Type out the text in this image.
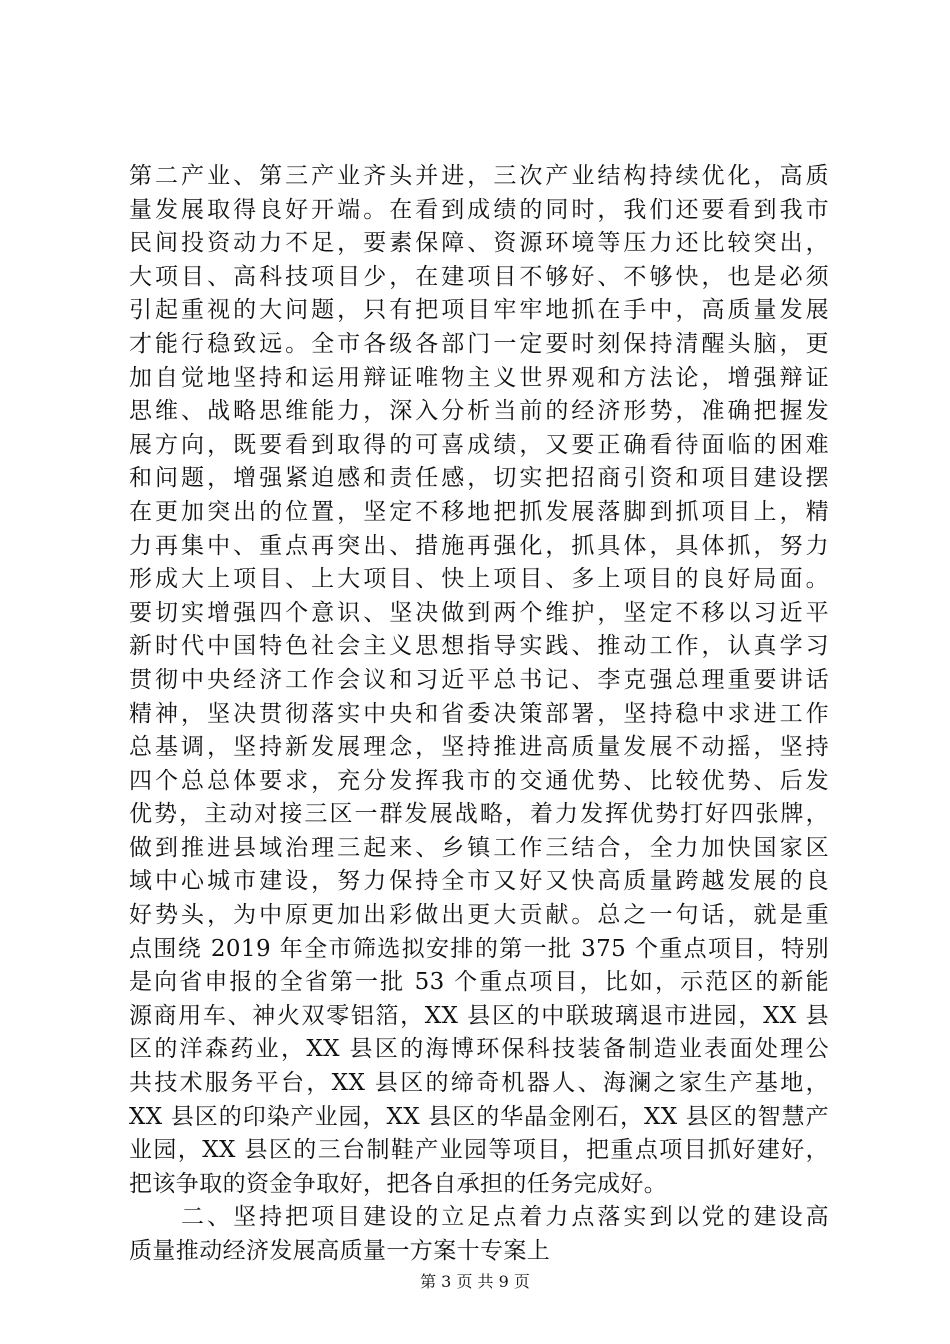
第二产业、第三产业齐头并进，三次产业结构持续优化，高质
量发展取得良好开端。在看到成绩的同时，我们还要看到我市
民间投资动力不足，要素保障、资源环境等压力还比较突出，
大项目、高科技项目少，在建项目不够好、不够快，也是必须
引起重视的大问题，只有把项目牢牢地抓在手中，高质量发展
才能行稳致远。全市各级各部门一定要时刻保持清醒头脑，更
加自觉地坚持和运用辩证唯物主义世界观和方法论，增强辩证
思维、战略思维能力，深入分析当前的经济形势，准确把握发
展方向，既要看到取得的可喜成绩，又要正确看待面临的困难
和问题，增强紧迫感和责任感，切实把招商引资和项目建设摆
在更加突出的位置，坚定不移地把抓发展落脚到抓项目上，精
力再集中、重点再突出、措施再强化，抓具体，具体抓，努力
形成大上项目、上大项目、快上项目、多上项目的良好局面。
要切实增强四个意识、坚决做到两个维护，坚定不移以习近平
新时代中国特色社会主义思想指导实践、推动工作，认真学习
贯彻中央经济工作会议和习近平总书记、李克强总理重要讲话
精神，坚决贯彻落实中央和省委决策部署，坚持稳中求进工作
总基调，坚持新发展理念，坚持推进高质量发展不动摇，坚持
四个总总体要求，充分发挥我市的交通优势、比较优势、后发
优势，主动对接三区一群发展战略，着力发挥优势打好四张牌，
做到推进县域治理三起来、乡镇工作三结合，全力加快国家区
域中心城市建设，努力保持全市又好又快高质量跨越发展的良
好势头，为中原更加出彩做出更大贡献。总之一句话，就是重
点围绕 2019 年全市筛选拟安排的第一批 375 个重点项目，特别
是向省申报的全省第一批 53 个重点项目，比如，示范区的新能
源商用车、神火双零铝箔，XX 县区的中联玻璃退市进园，XX 县
区的洋森药业，XX 县区的海博环保科技装备制造业表面处理公
共技术服务平台，XX 县区的缔奇机器人、海澜之家生产基地，
XX 县区的印染产业园，XX 县区的华晶金刚石，XX 县区的智慧产
业园，XX 县区的三台制鞋产业园等项目，把重点项目抓好建好，
把该争取的资金争取好，把各自承担的任务完成好。
　　二、坚持把项目建设的立足点着力点落实到以党的建设高
质量推动经济发展高质量一方案十专案上
第 3 页 共 9 页
